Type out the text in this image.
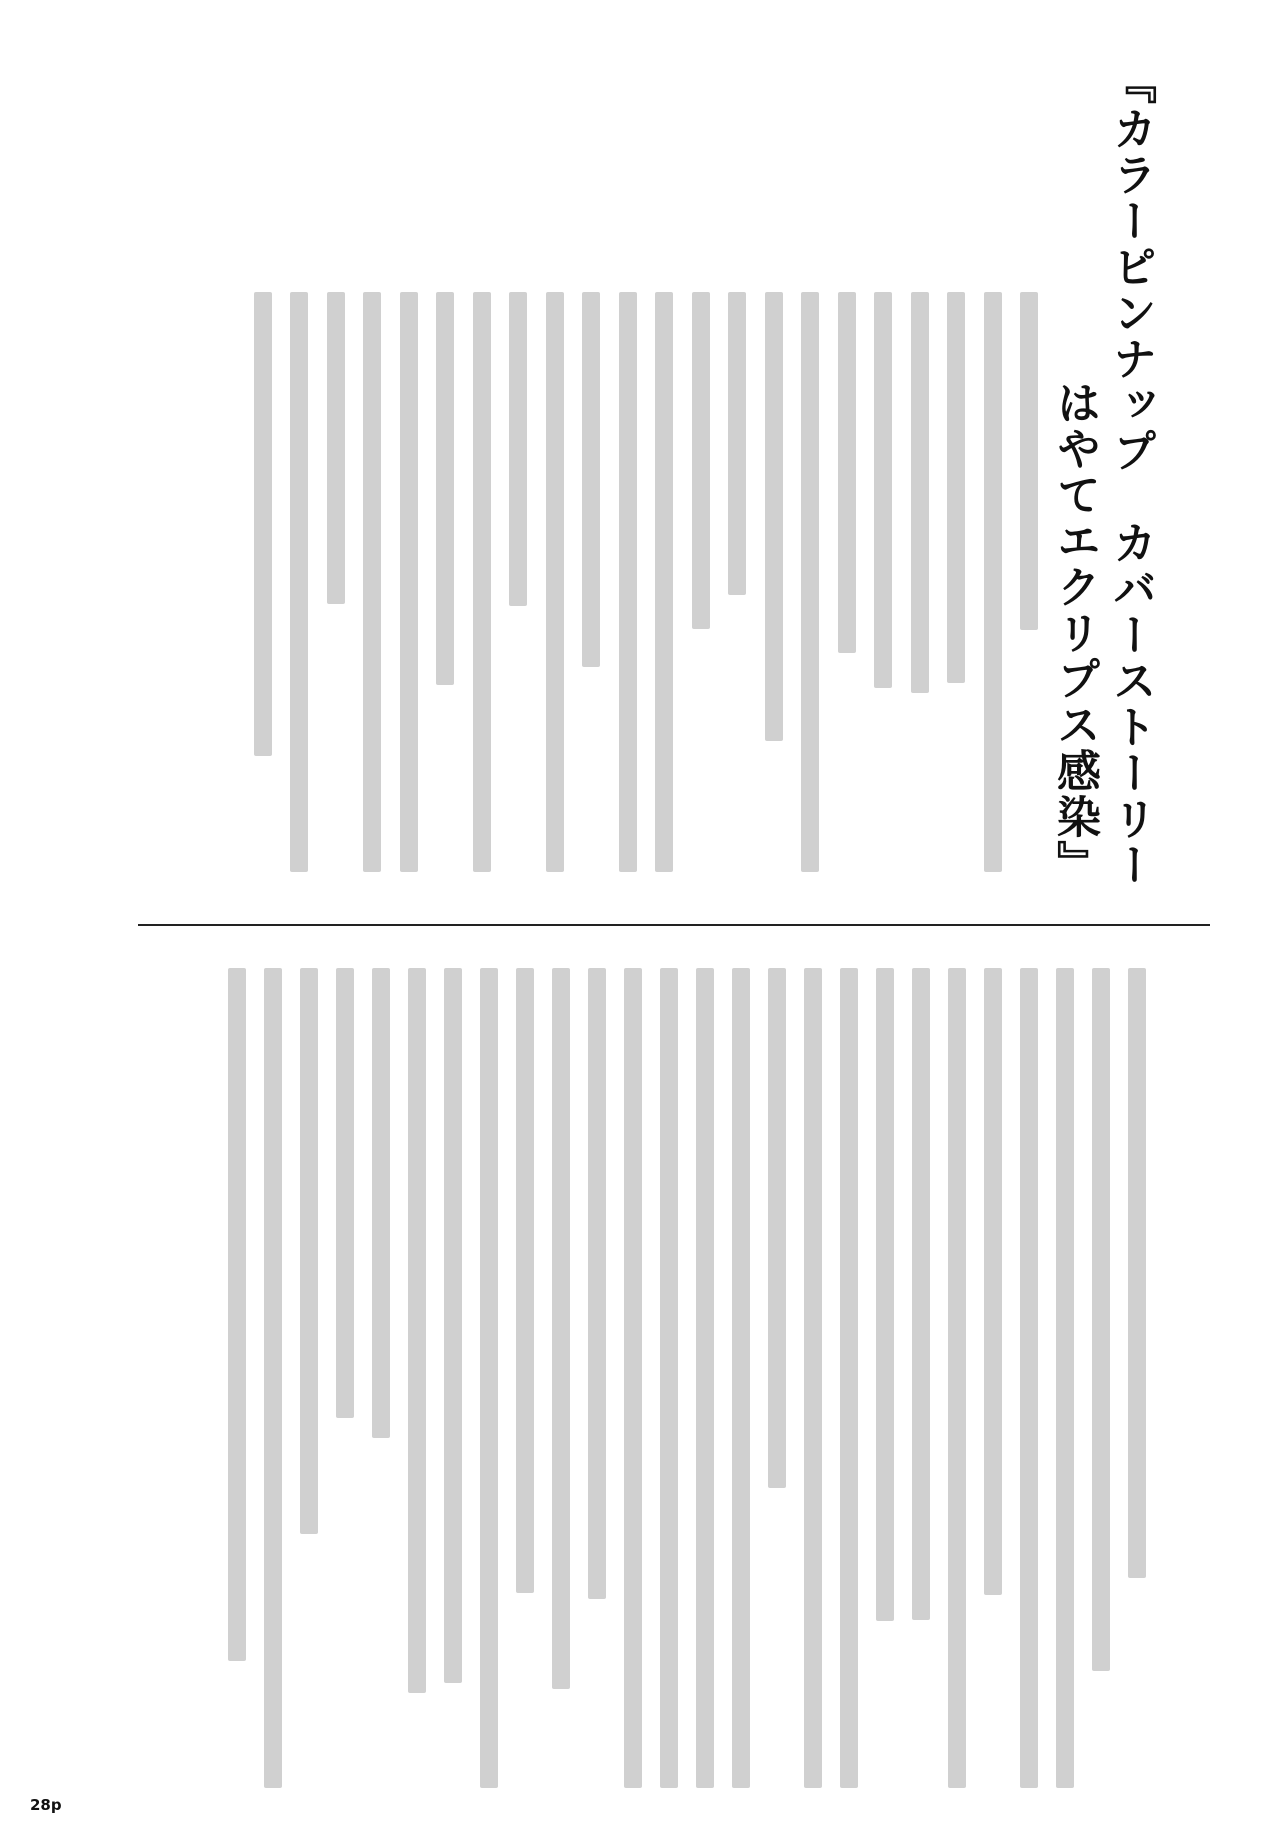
『カラーピンナップ　カバーストーリー
はやてエクリプス感染』
28p
